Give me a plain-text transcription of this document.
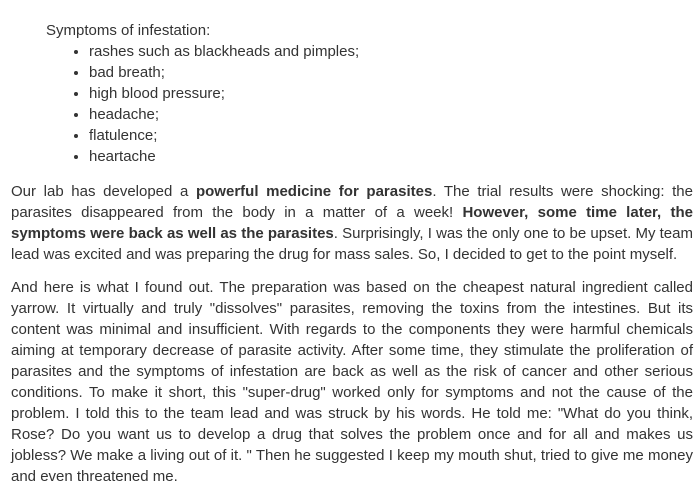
Symptoms of infestation:
• rashes such as blackheads and pimples;
• bad breath;
• high blood pressure;
• headache;
• flatulence;
• heartache

Our lab has developed a powerful medicine for parasites. The trial results were shocking: the parasites disappeared from the body in a matter of a week! However, some time later, the symptoms were back as well as the parasites. Surprisingly, I was the only one to be upset. My team lead was excited and was preparing the drug for mass sales. So, I decided to get to the point myself.

And here is what I found out. The preparation was based on the cheapest natural ingredient called yarrow. It virtually and truly "dissolves" parasites, removing the toxins from the intestines. But its content was minimal and insufficient. With regards to the components they were harmful chemicals aiming at temporary decrease of parasite activity. After some time, they stimulate the proliferation of parasites and the symptoms of infestation are back as well as the risk of cancer and other serious conditions. To make it short, this "super-drug" worked only for symptoms and not the cause of the problem. I told this to the team lead and was struck by his words. He told me: "What do you think, Rose? Do you want us to develop a drug that solves the problem once and for all and makes us jobless? We make a living out of it. " Then he suggested I keep my mouth shut, tried to give me money and even threatened me.
